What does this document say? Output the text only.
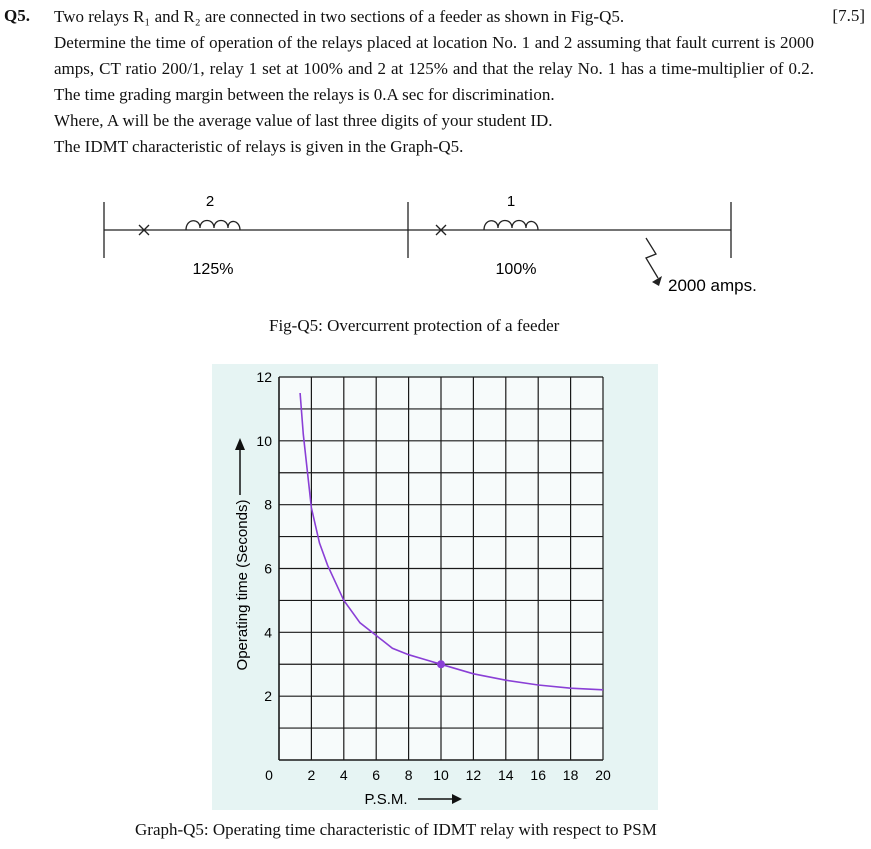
Q5.	[7.5]

Two relays R₁ and R₂ are connected in two sections of a feeder as shown in Fig-Q5.

Determine the time of operation of the relays placed at location No. 1 and 2 assuming that fault current is 2000 amps, CT ratio 200/1, relay 1 set at 100% and 2 at 125% and that the relay No. 1 has a time-multiplier of 0.2. The time grading margin between the relays is 0.A sec for discrimination.

Where, A will be the average value of last three digits of your student ID.

The IDMT characteristic of relays is given in the Graph-Q5.

2	1
125%	100%
2000 amps.
Fig-Q5: Overcurrent protection of a feeder
0 2 4 6 8 10 12 14 16 18 20
2
4
6
8
10
12
Operating time (Seconds)
P.S.M.
Graph-Q5: Operating time characteristic of IDMT relay with respect to PSM
